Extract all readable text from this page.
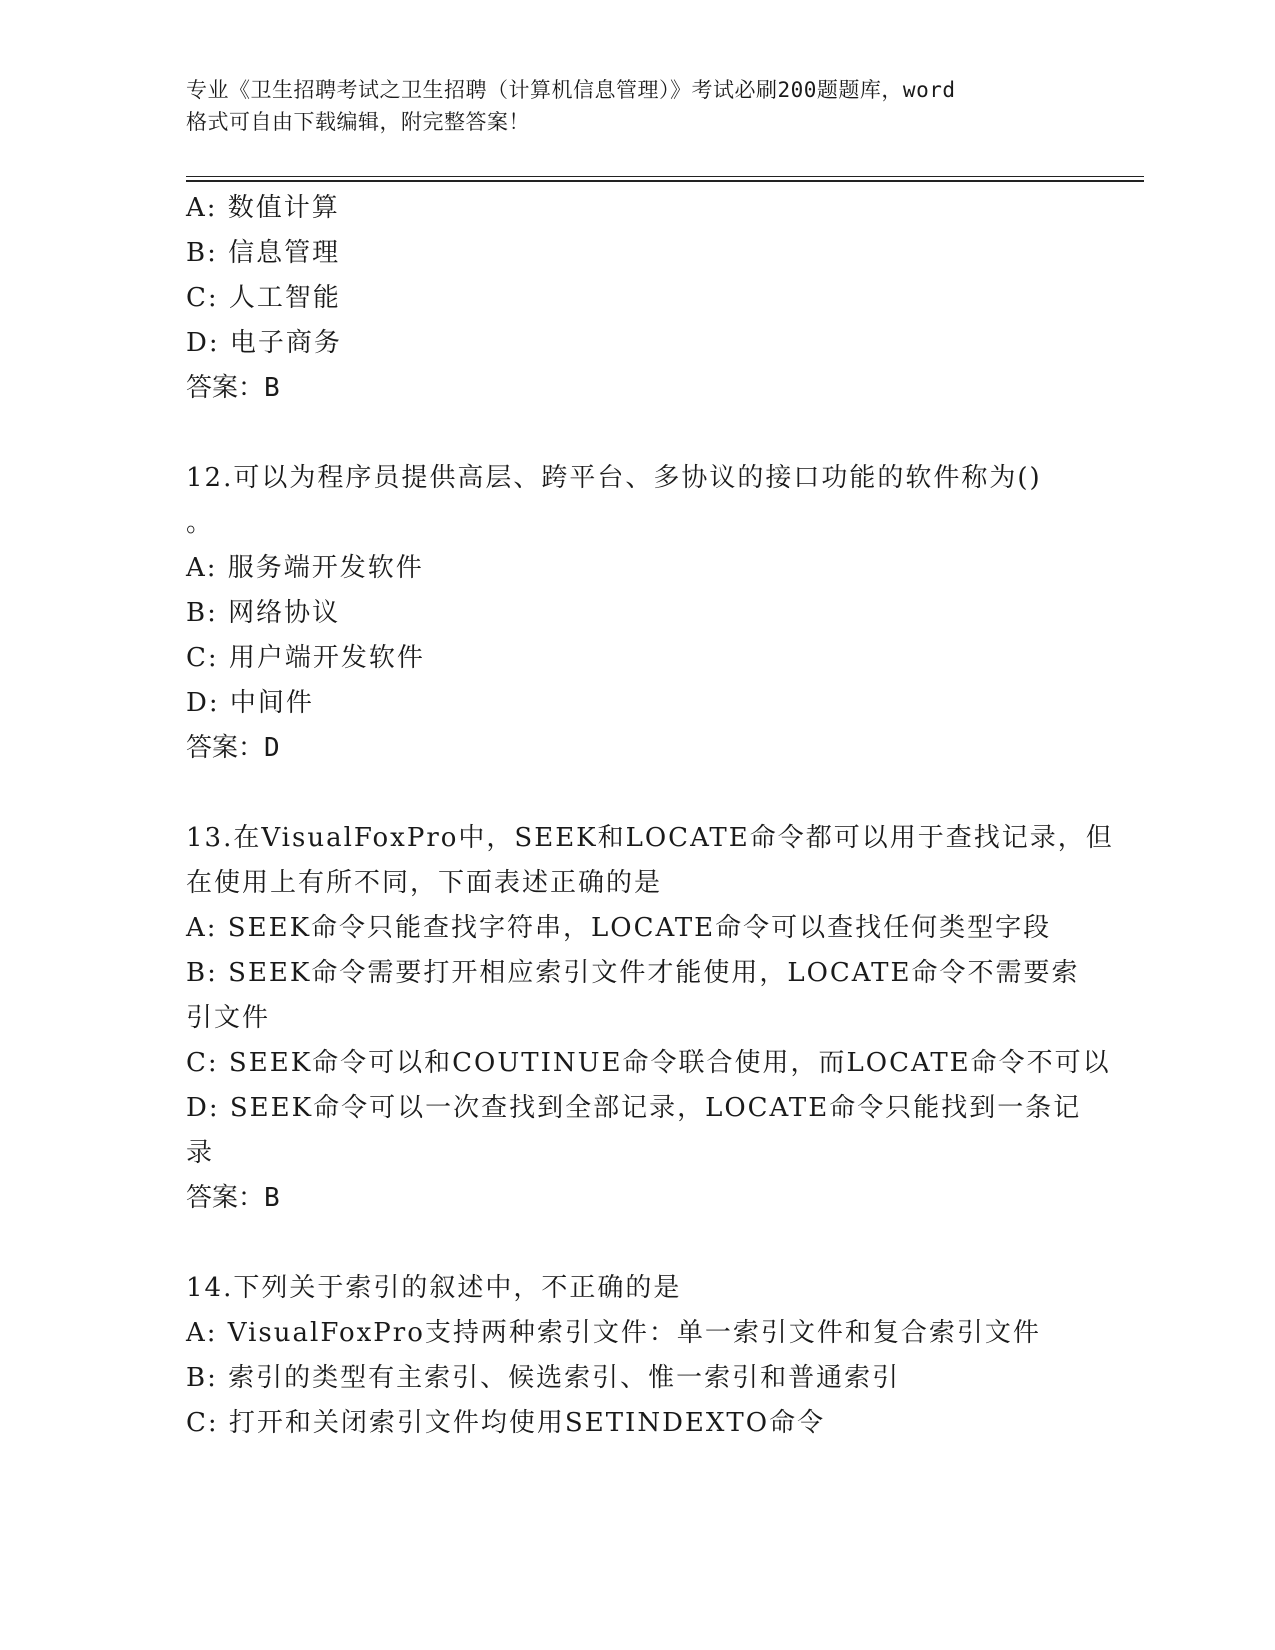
专业《卫生招聘考试之卫生招聘（计算机信息管理）》考试必刷200题题库，word
格式可自由下载编辑，附完整答案！
A: 数值计算
B: 信息管理
C: 人工智能
D: 电子商务
答案：B
12.可以为程序员提供高层、跨平台、多协议的接口功能的软件称为()
。
A: 服务端开发软件
B: 网络协议
C: 用户端开发软件
D: 中间件
答案：D
13.在VisualFoxPro中，SEEK和LOCATE命令都可以用于查找记录，但
在使用上有所不同，下面表述正确的是
A: SEEK命令只能查找字符串，LOCATE命令可以查找任何类型字段
B: SEEK命令需要打开相应索引文件才能使用，LOCATE命令不需要索
引文件
C: SEEK命令可以和COUTINUE命令联合使用，而LOCATE命令不可以
D: SEEK命令可以一次查找到全部记录，LOCATE命令只能找到一条记
录
答案：B
14.下列关于索引的叙述中，不正确的是
A: VisualFoxPro支持两种索引文件：单一索引文件和复合索引文件
B: 索引的类型有主索引、候选索引、惟一索引和普通索引
C: 打开和关闭索引文件均使用SETINDEXTO命令
